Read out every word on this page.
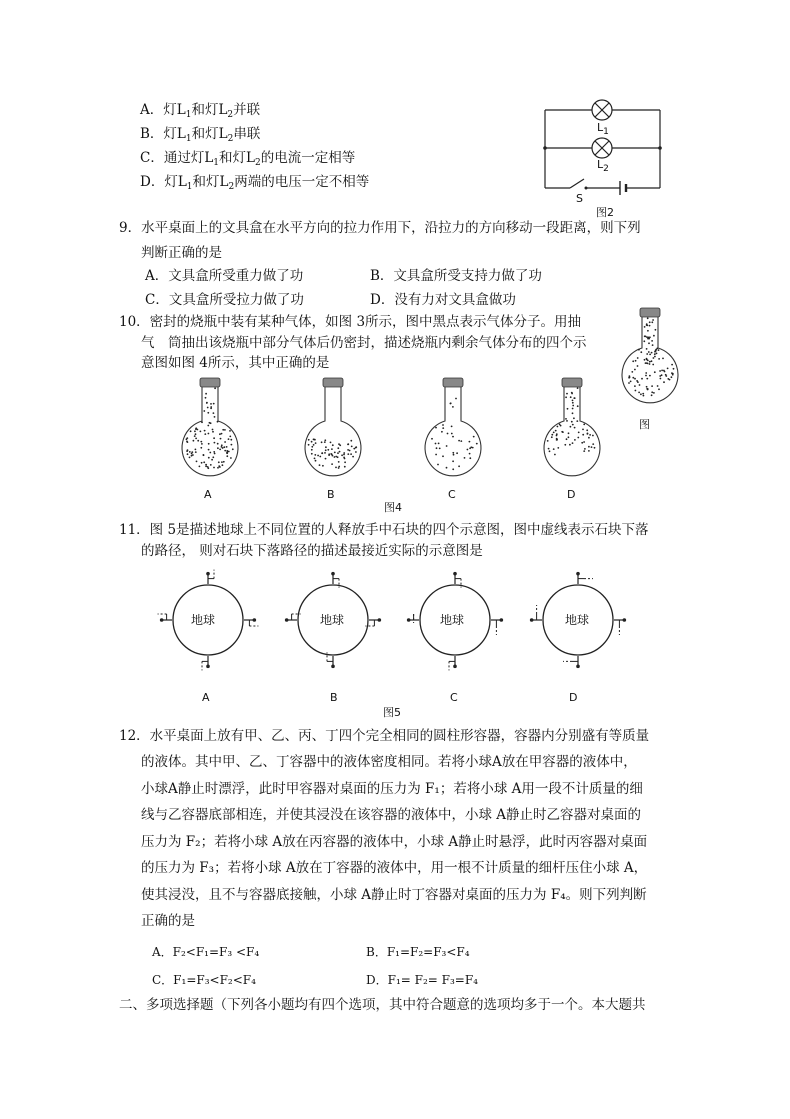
A．灯$L_1$和灯$L_2$并联
B．灯$L_1$和灯$L_2$串联
C．通过灯$L_1$和灯$L_2$的电流一定相等
D．灯$L_1$和灯$L_2$两端的电压一定不相等
$L_1$
$L_2$
S
图2
9．水平桌面上的文具盒在水平方向的拉力作用下，沿拉力的方向移动一段距离，则下列
判断正确的是
A．文具盒所受重力做了功	B．文具盒所受支持力做了功
C．文具盒所受拉力做了功	D．没有力对文具盒做功
10．密封的烧瓶中装有某种气体，如图 3所示，图中黑点表示气体分子。用抽
气　筒抽出该烧瓶中部分气体后仍密封，描述烧瓶内剩余气体分布的四个示
意图如图 4所示，其中正确的是
图
A	B	C	D
图4
11．图 5是描述地球上不同位置的人释放手中石块的四个示意图，图中虚线表示石块下落
的路径， 则对石块下落路径的描述最接近实际的示意图是
地球	地球	地球	地球
A	B	C	D
图5
12．水平桌面上放有甲、乙、丙、丁四个完全相同的圆柱形容器，容器内分别盛有等质量
的液体。其中甲、乙、丁容器中的液体密度相同。若将小球A放在甲容器的液体中，
小球A静止时漂浮，此时甲容器对桌面的压力为 F₁；若将小球 A用一段不计质量的细
线与乙容器底部相连，并使其浸没在该容器的液体中，小球 A静止时乙容器对桌面的
压力为 F₂；若将小球 A放在丙容器的液体中，小球 A静止时悬浮，此时丙容器对桌面
的压力为 F₃；若将小球 A放在丁容器的液体中，用一根不计质量的细杆压住小球 A，
使其浸没，且不与容器底接触，小球 A静止时丁容器对桌面的压力为 F₄。则下列判断
正确的是
A．F₂<F₁=F₃ <F₄	B．F₁=F₂=F₃<F₄
C．F₁=F₃<F₂<F₄	D．F₁= F₂= F₃=F₄
二、多项选择题（下列各小题均有四个选项，其中符合题意的选项均多于一个。本大题共
